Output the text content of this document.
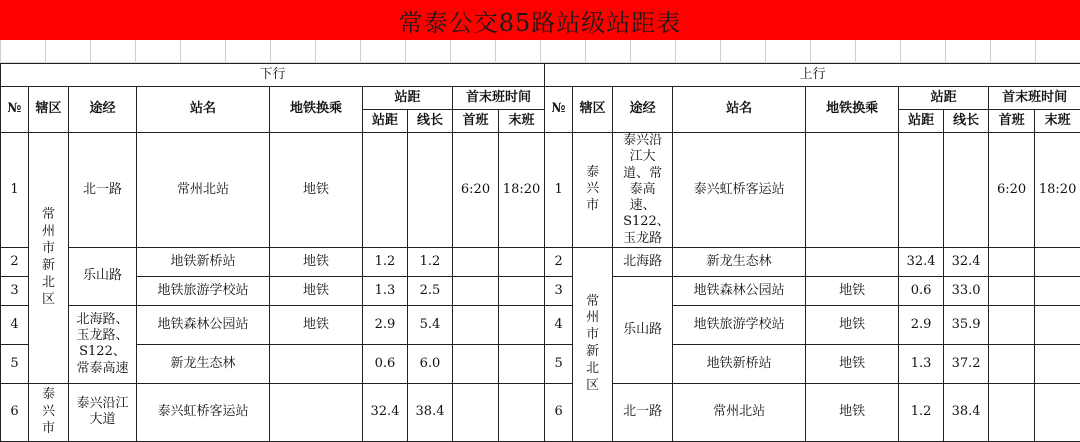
常泰公交85路站级站距表
下行									上行								
№	辖区	途经	站名	地铁换乘	站距		首末班时间		№	辖区	途经	站名	地铁换乘	站距		首末班时间	
					站距	线长	首班	末班						站距	线长	首班	末班
1	常州市新北区	北一路	常州北站	地铁			6:20	18:20	1	泰兴市	泰兴沿江大道、常泰高速、S122、玉龙路	泰兴虹桥客运站				6:20	18:20
2		乐山路	地铁新桥站	地铁	1.2	1.2			2	常州市新北区	北海路	新龙生态林		32.4	32.4		
3			地铁旅游学校站	地铁	1.3	2.5			3		乐山路	地铁森林公园站	地铁	0.6	33.0		
4		北海路、玉龙路、S122、常泰高速	地铁森林公园站	地铁	2.9	5.4			4			地铁旅游学校站	地铁	2.9	35.9		
5			新龙生态林		0.6	6.0			5			地铁新桥站	地铁	1.3	37.2		
6	泰兴市	泰兴沿江大道	泰兴虹桥客运站		32.4	38.4			6		北一路	常州北站	地铁	1.2	38.4		
